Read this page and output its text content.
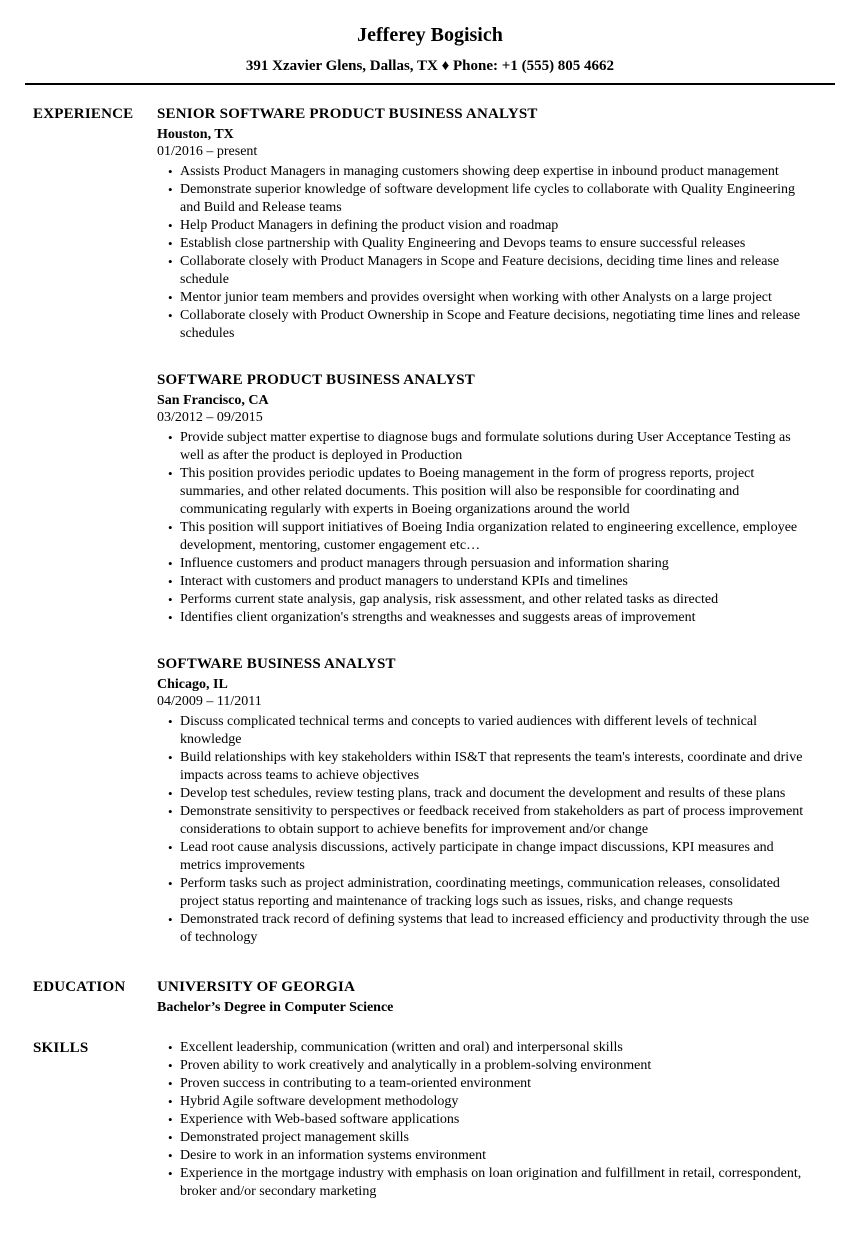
Jefferey Bogisich
391 Xzavier Glens, Dallas, TX ♦ Phone: +1 (555) 805 4662
EXPERIENCE	SENIOR SOFTWARE PRODUCT BUSINESS ANALYST
Houston, TX
01/2016 – present
• Assists Product Managers in managing customers showing deep expertise in inbound product management
• Demonstrate superior knowledge of software development life cycles to collaborate with Quality Engineering and Build and Release teams
• Help Product Managers in defining the product vision and roadmap
• Establish close partnership with Quality Engineering and Devops teams to ensure successful releases
• Collaborate closely with Product Managers in Scope and Feature decisions, deciding time lines and release schedule
• Mentor junior team members and provides oversight when working with other Analysts on a large project
• Collaborate closely with Product Ownership in Scope and Feature decisions, negotiating time lines and release schedules
SOFTWARE PRODUCT BUSINESS ANALYST
San Francisco, CA
03/2012 – 09/2015
• Provide subject matter expertise to diagnose bugs and formulate solutions during User Acceptance Testing as well as after the product is deployed in Production
• This position provides periodic updates to Boeing management in the form of progress reports, project summaries, and other related documents. This position will also be responsible for coordinating and communicating regularly with experts in Boeing organizations around the world
• This position will support initiatives of Boeing India organization related to engineering excellence, employee development, mentoring, customer engagement etc…
• Influence customers and product managers through persuasion and information sharing
• Interact with customers and product managers to understand KPIs and timelines
• Performs current state analysis, gap analysis, risk assessment, and other related tasks as directed
• Identifies client organization's strengths and weaknesses and suggests areas of improvement
SOFTWARE BUSINESS ANALYST
Chicago, IL
04/2009 – 11/2011
• Discuss complicated technical terms and concepts to varied audiences with different levels of technical knowledge
• Build relationships with key stakeholders within IS&T that represents the team's interests, coordinate and drive impacts across teams to achieve objectives
• Develop test schedules, review testing plans, track and document the development and results of these plans
• Demonstrate sensitivity to perspectives or feedback received from stakeholders as part of process improvement considerations to obtain support to achieve benefits for improvement and/or change
• Lead root cause analysis discussions, actively participate in change impact discussions, KPI measures and metrics improvements
• Perform tasks such as project administration, coordinating meetings, communication releases, consolidated project status reporting and maintenance of tracking logs such as issues, risks, and change requests
• Demonstrated track record of defining systems that lead to increased efficiency and productivity through the use of technology
EDUCATION	UNIVERSITY OF GEORGIA
Bachelor’s Degree in Computer Science
SKILLS	• Excellent leadership, communication (written and oral) and interpersonal skills
• Proven ability to work creatively and analytically in a problem-solving environment
• Proven success in contributing to a team-oriented environment
• Hybrid Agile software development methodology
• Experience with Web-based software applications
• Demonstrated project management skills
• Desire to work in an information systems environment
• Experience in the mortgage industry with emphasis on loan origination and fulfillment in retail, correspondent, broker and/or secondary marketing
